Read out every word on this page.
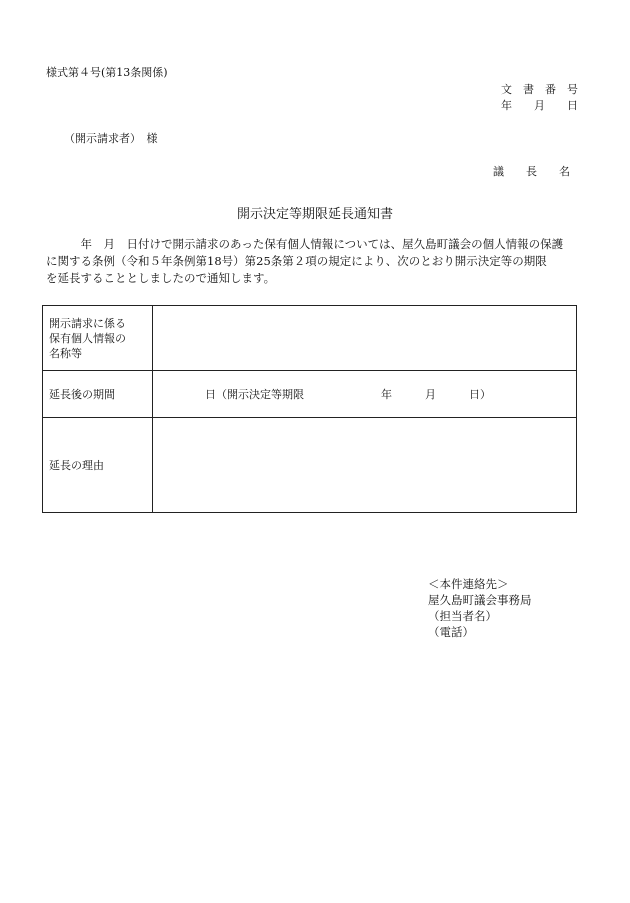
様式第４号(第13条関係)
文　書　番　号
年　　月　　日
（開示請求者）　様
議　　長　　名
開示決定等期限延長通知書
　　　年　月　日付けで開示請求のあった保有個人情報については、屋久島町議会の個人情報の保護
に関する条例（令和５年条例第18号）第25条第２項の規定により、次のとおり開示決定等の期限
を延長することとしましたので通知します。
開示請求に係る
保有個人情報の
名称等	

延長後の期間	日（開示決定等期限　　　　　　　年　　　月　　　日）
延長の理由	
＜本件連絡先＞
屋久島町議会事務局
（担当者名）
（電話）
